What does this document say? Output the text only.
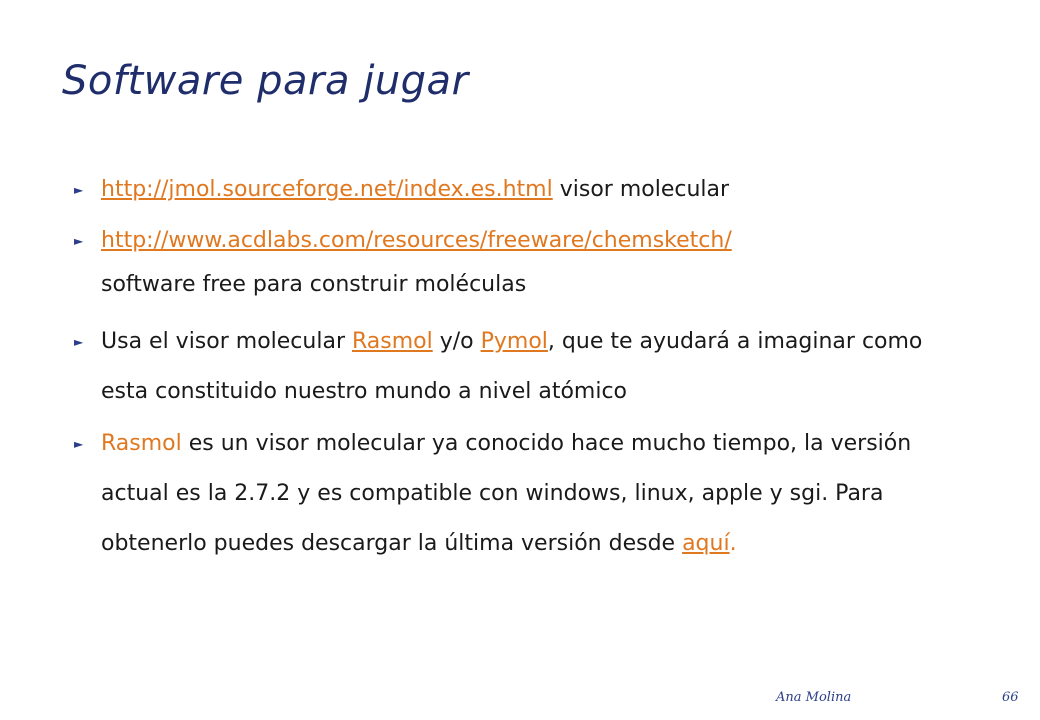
Software para jugar
► http://jmol.sourceforge.net/index.es.html visor molecular
► http://www.acdlabs.com/resources/freeware/chemsketch/
software free para construir moléculas
► Usa el visor molecular Rasmol y/o Pymol, que te ayudará a imaginar como esta constituido nuestro mundo a nivel atómico
► Rasmol es un visor molecular ya conocido hace mucho tiempo, la versión actual es la 2.7.2 y es compatible con windows, linux, apple y sgi. Para obtenerlo puedes descargar la última versión desde aquí.
Ana Molina	66
